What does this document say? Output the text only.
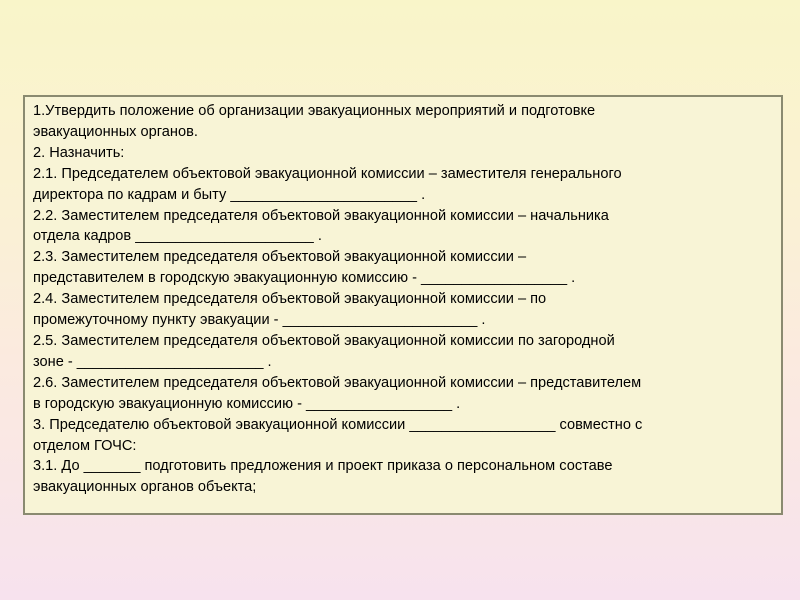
1.Утвердить положение об организации эвакуационных мероприятий и подготовке
эвакуационных органов.
2. Назначить:
2.1. Председателем объектовой эвакуационной комиссии – заместителя генерального
директора по кадрам и быту _______________________ .
2.2. Заместителем председателя объектовой эвакуационной комиссии – начальника
отдела кадров ______________________ .
2.3. Заместителем председателя объектовой эвакуационной комиссии –
представителем в городскую эвакуационную комиссию - __________________ .
2.4. Заместителем председателя объектовой эвакуационной комиссии – по
промежуточному пункту эвакуации - ________________________ .
2.5. Заместителем председателя объектовой эвакуационной комиссии по загородной
зоне - _______________________ .
2.6. Заместителем председателя объектовой эвакуационной комиссии – представителем
в городскую эвакуационную комиссию - __________________ .
3. Председателю объектовой эвакуационной комиссии __________________ совместно с
отделом ГОЧС:
3.1. До _______ подготовить предложения и проект приказа о персональном составе
эвакуационных органов объекта;
